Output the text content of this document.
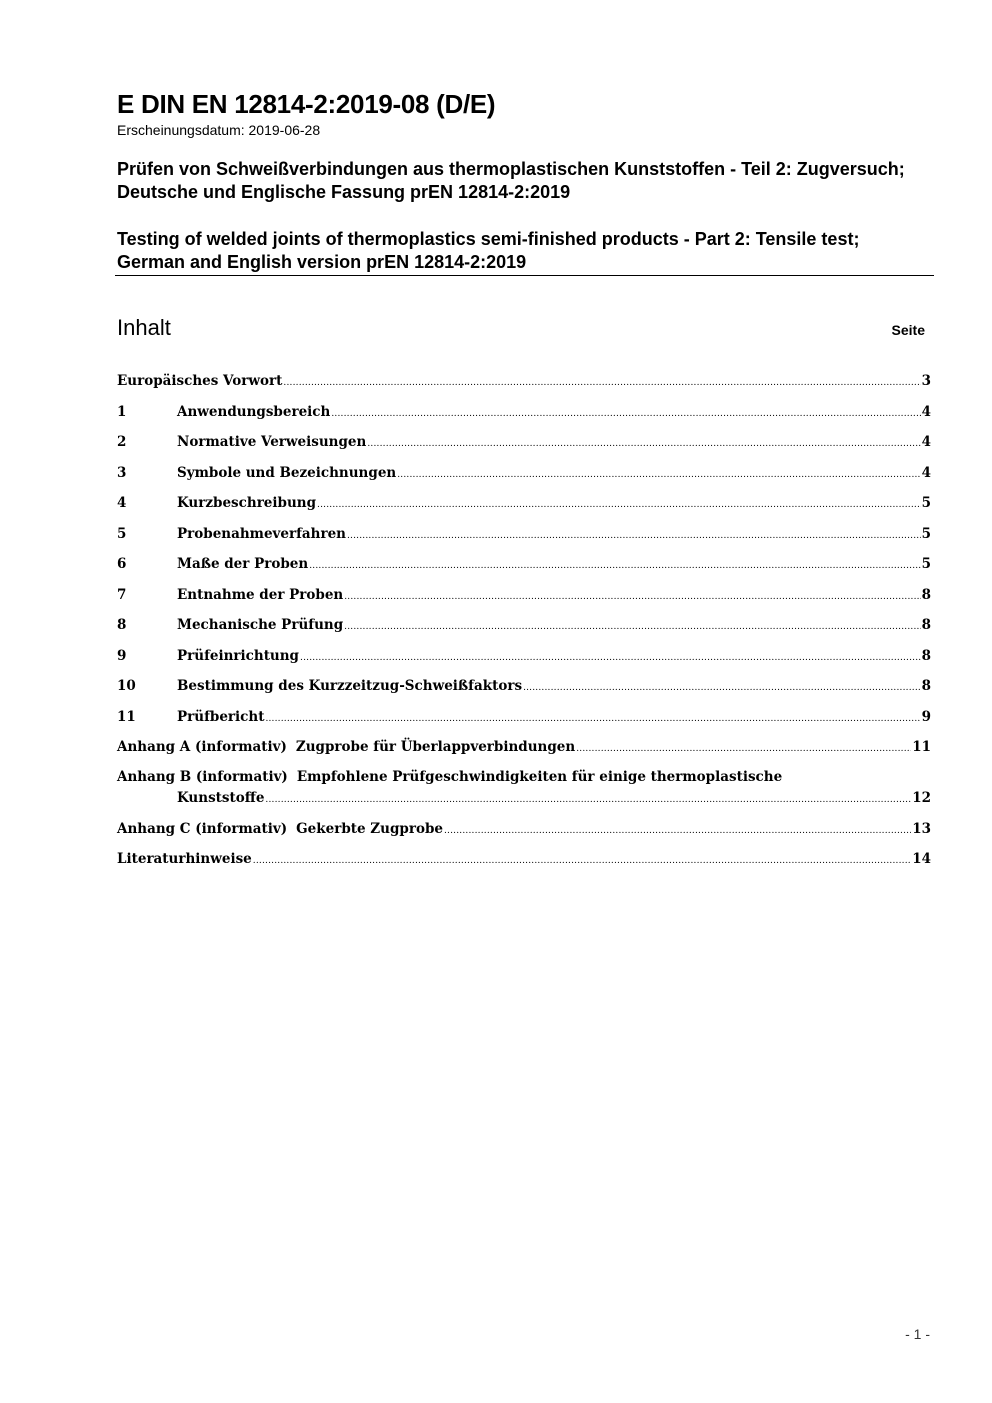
E DIN EN 12814-2:2019-08 (D/E)
Erscheinungsdatum: 2019-06-28
Prüfen von Schweißverbindungen aus thermoplastischen Kunststoffen - Teil 2: Zugversuch; Deutsche und Englische Fassung prEN 12814-2:2019
Testing of welded joints of thermoplastics semi-finished products - Part 2: Tensile test; German and English version prEN 12814-2:2019
Inhalt	Seite
Europäisches Vorwort .....	3
1	Anwendungsbereich .....	4
2	Normative Verweisungen .....	4
3	Symbole und Bezeichnungen .....	4
4	Kurzbeschreibung .....	5
5	Probenahmeverfahren .....	5
6	Maße der Proben .....	5
7	Entnahme der Proben .....	8
8	Mechanische Prüfung .....	8
9	Prüfeinrichtung .....	8
10	Bestimmung des Kurzzeitzug-Schweißfaktors .....	8
11	Prüfbericht .....	9
Anhang A (informativ) Zugprobe für Überlappverbindungen .....	11
Anhang B (informativ) Empfohlene Prüfgeschwindigkeiten für einige thermoplastische
Kunststoffe .....	12
Anhang C (informativ) Gekerbte Zugprobe .....	13
Literaturhinweise .....	14
- 1 -
